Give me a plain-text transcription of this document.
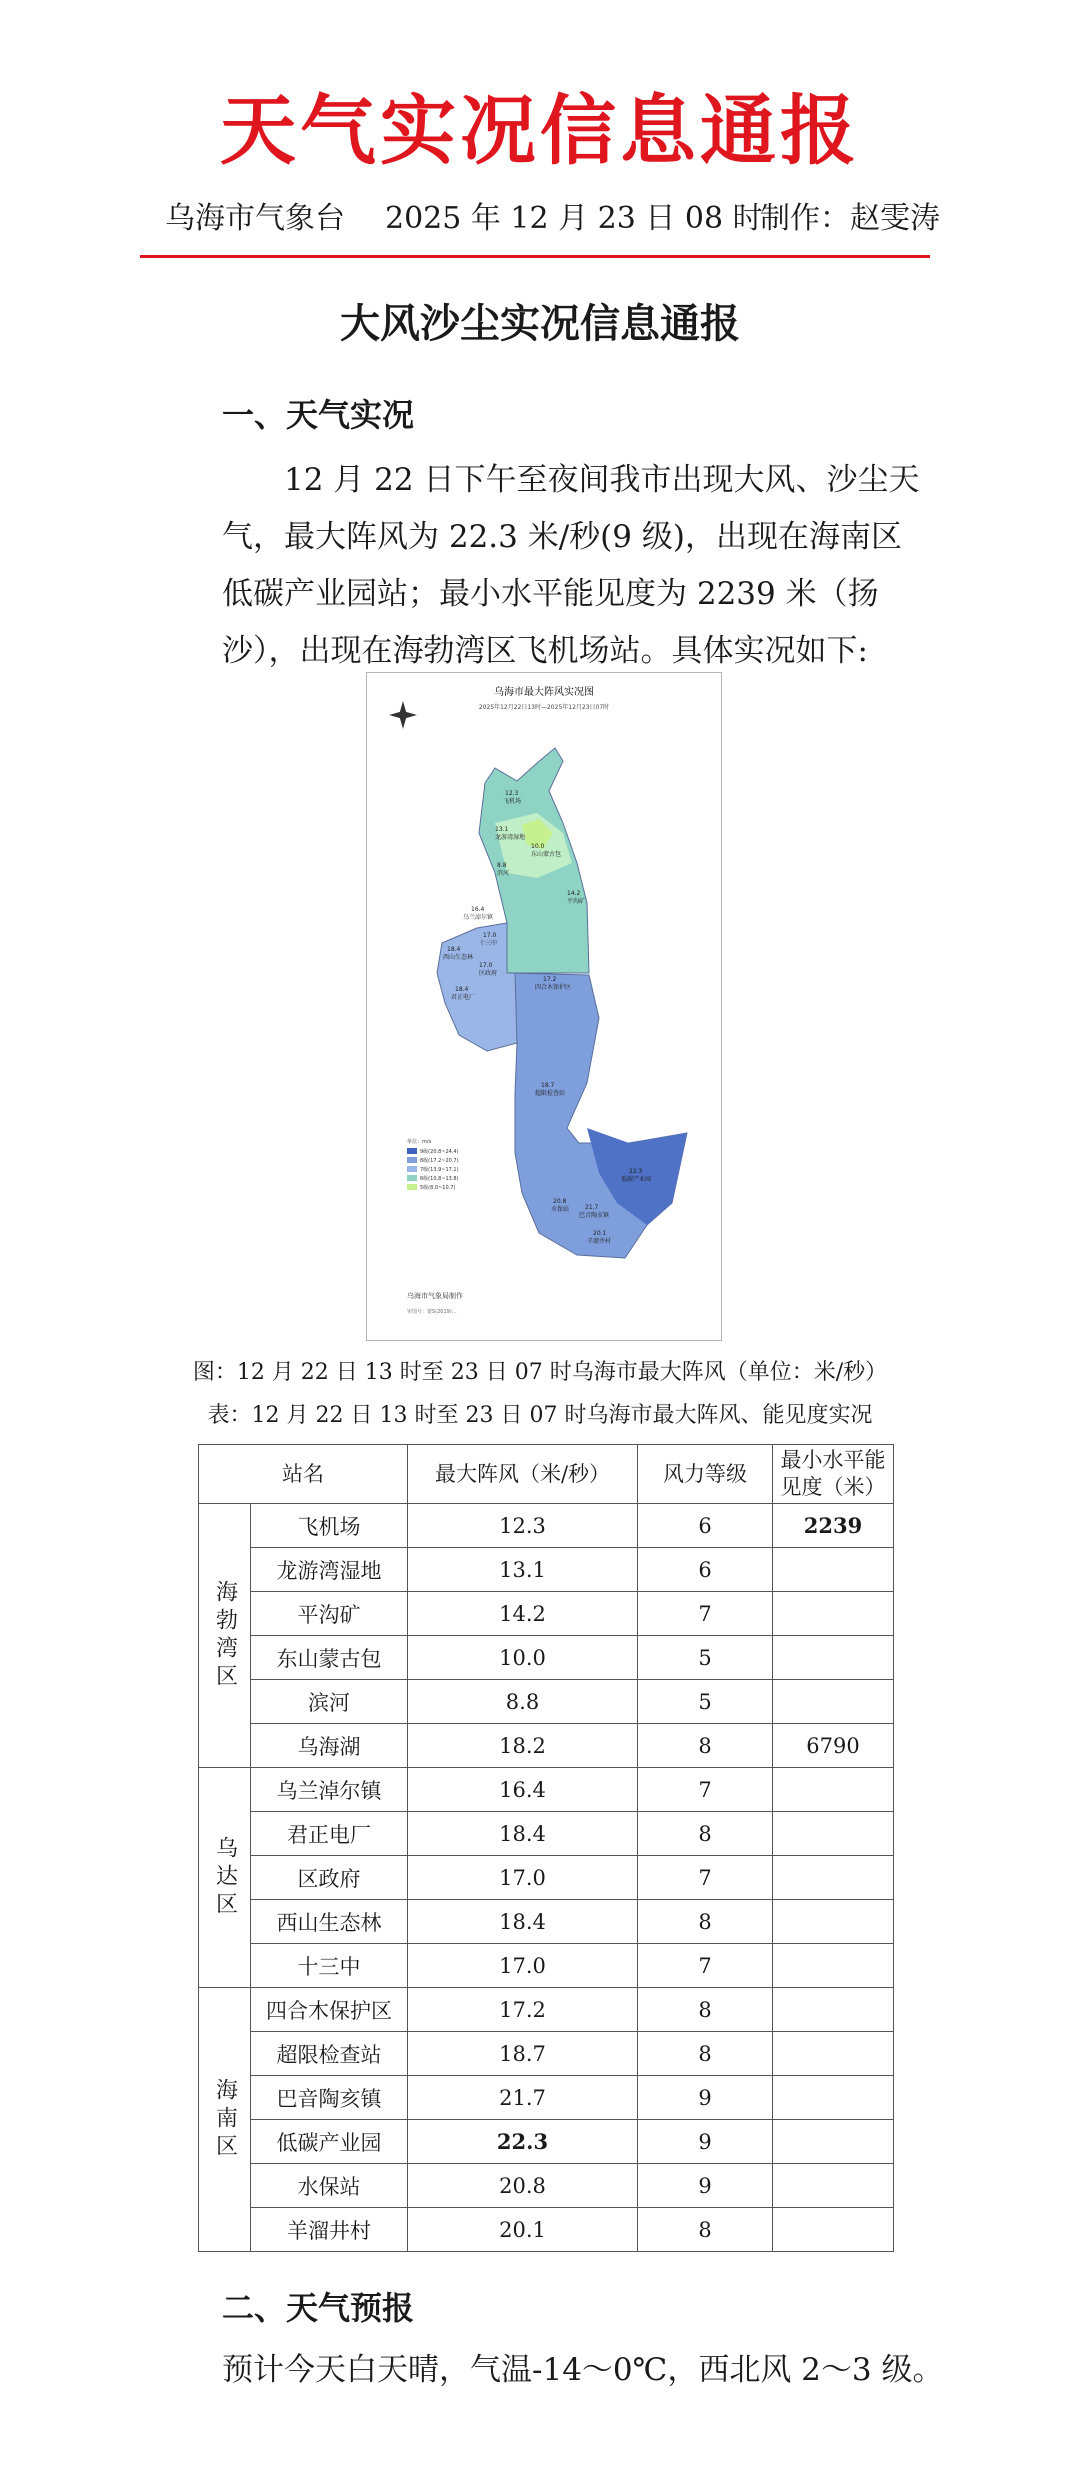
天气实况信息通报
乌海市气象台 2025 年 12 月 23 日 08 时
制作：赵雯涛
大风沙尘实况信息通报
一、天气实况
12 月 22 日下午至夜间我市出现大风、沙尘天气，最大阵风为 22.3 米/秒(9 级)，出现在海南区低碳产业园站；最小水平能见度为 2239 米（扬沙），出现在海勃湾区飞机场站。具体实况如下:
乌海市最大阵风实况图
2025年12月22日13时—2025年12月23日07时
12.3
飞机场
13.1
龙游湾湿地
10.0
东山蒙古包
8.8
滨河
14.2
平沟矿
16.4
乌兰淖尔镇
17.0
十三中
18.4
西山生态林
17.0
区政府
18.4
君正电厂
17.2
四合木保护区
18.7
超限检查站
22.3
低碳产业园
20.8
水保站	21.7
巴音陶亥镇
20.1
羊溜井村
单位：m/s
9级(20.8~24.4)
8级(17.2~20.7)
7级(13.9~17.1)
6级(10.8~13.8)
5级(8.0~10.7)
乌海市气象局制作
审图号：蒙S(2019)…
图：12 月 22 日 13 时至 23 日 07 时乌海市最大阵风（单位：米/秒）
表：12 月 22 日 13 时至 23 日 07 时乌海市最大阵风、能见度实况
站名		最大阵风（米/秒）	风力等级	最小水平能见度（米）
海勃湾区	飞机场	12.3	6	2239
	龙游湾湿地	13.1	6	
	平沟矿	14.2	7	
	东山蒙古包	10.0	5	
	滨河	8.8	5	
	乌海湖	18.2	8	6790
乌达区	乌兰淖尔镇	16.4	7	
	君正电厂	18.4	8	
	区政府	17.0	7	
	西山生态林	18.4	8	
	十三中	17.0	7	
海南区	四合木保护区	17.2	8	
	超限检查站	18.7	8	
	巴音陶亥镇	21.7	9	
	低碳产业园	22.3	9	
	水保站	20.8	9	
	羊溜井村	20.1	8	
二、天气预报
预计今天白天晴，气温-14～0℃，西北风 2～3 级。
